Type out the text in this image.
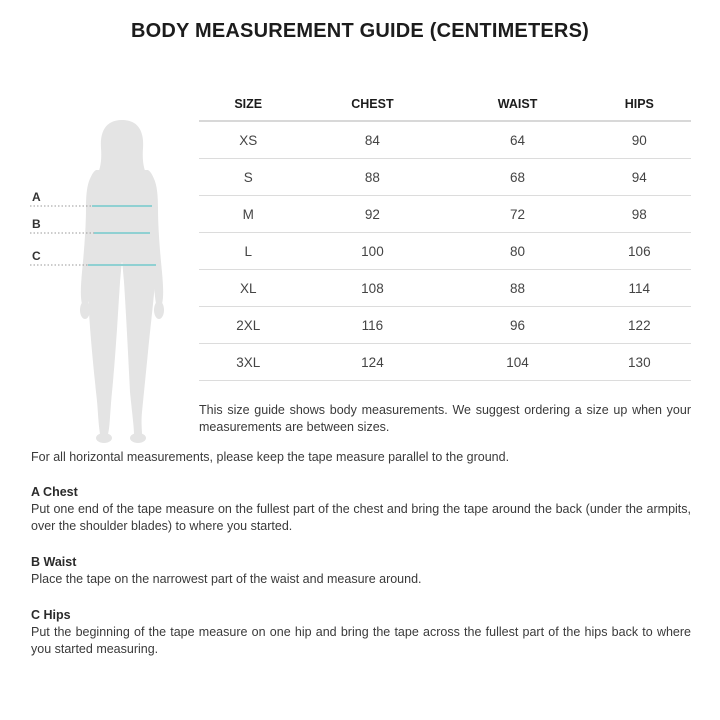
BODY MEASUREMENT GUIDE (CENTIMETERS)
A
B
C
SIZE	CHEST	WAIST	HIPS
XS	84	64	90
S	88	68	94
M	92	72	98
L	100	80	106
XL	108	88	114
2XL	116	96	122
3XL	124	104	130
This size guide shows body measurements. We suggest ordering a size up when your measurements are between sizes.
For all horizontal measurements, please keep the tape measure parallel to the ground.
A Chest
Put one end of the tape measure on the fullest part of the chest and bring the tape around the back (under the armpits, over the shoulder blades) to where you started.
B Waist
Place the tape on the narrowest part of the waist and measure around.
C Hips
Put the beginning of the tape measure on one hip and bring the tape across the fullest part of the hips back to where you started measuring.
